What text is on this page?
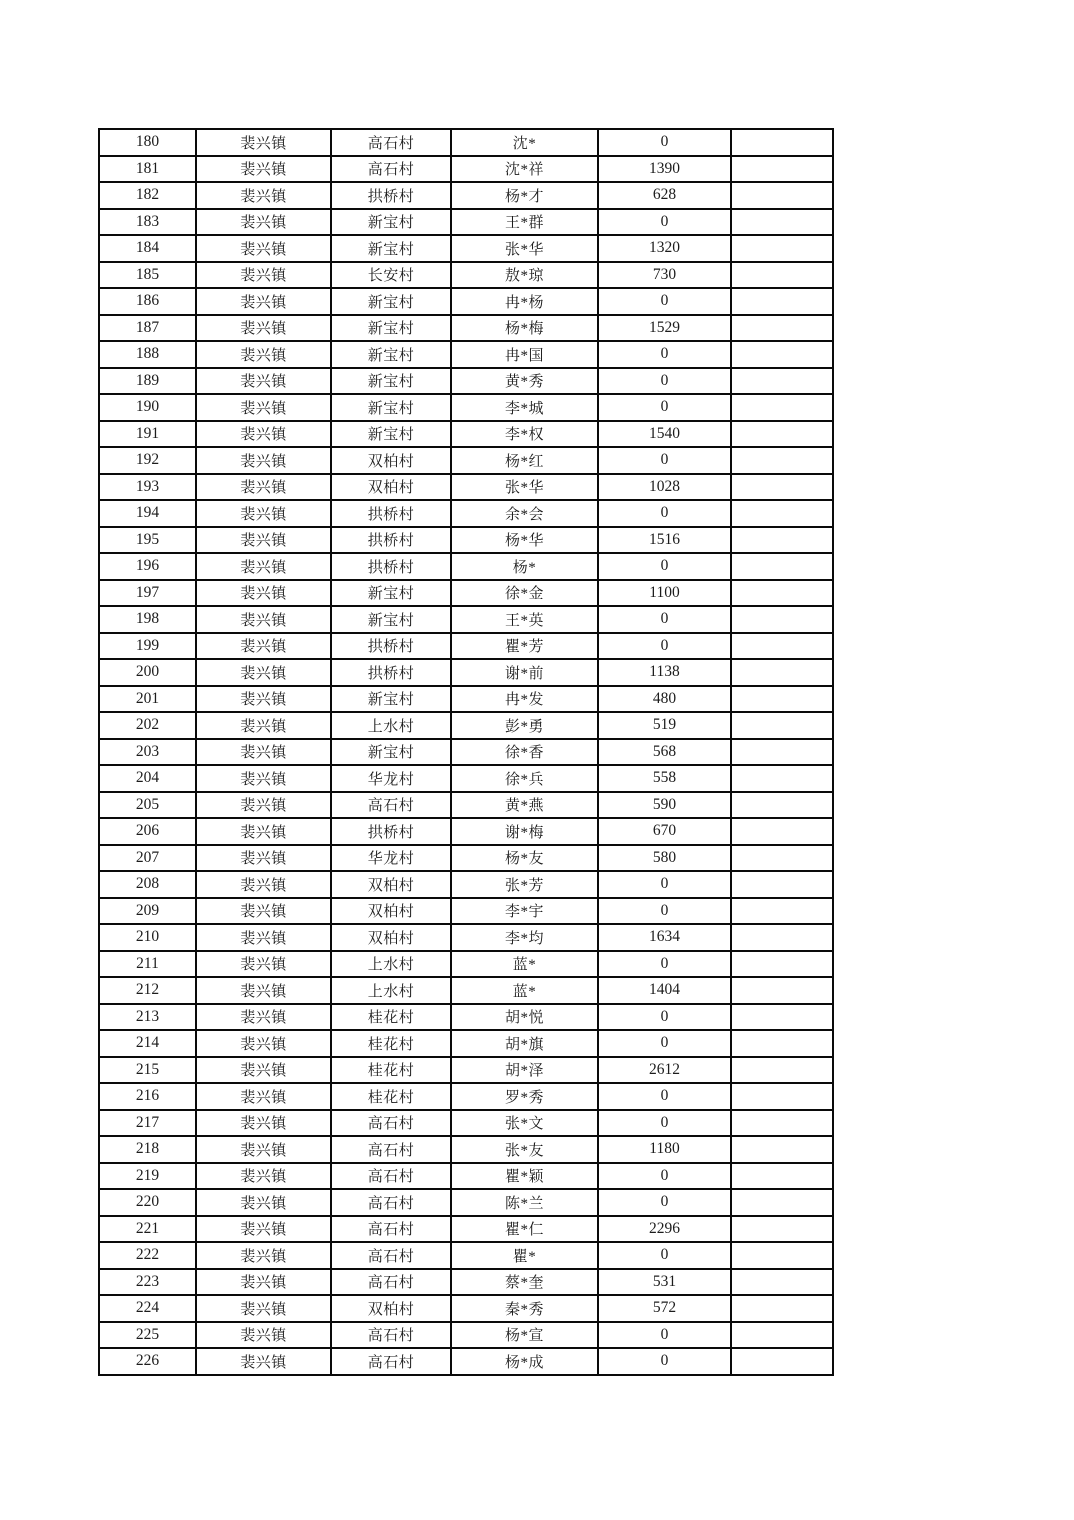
180	裴兴镇	高石村	沈*	0	
181	裴兴镇	高石村	沈*祥	1390	
182	裴兴镇	拱桥村	杨*才	628	
183	裴兴镇	新宝村	王*群	0	
184	裴兴镇	新宝村	张*华	1320	
185	裴兴镇	长安村	敖*琼	730	
186	裴兴镇	新宝村	冉*杨	0	
187	裴兴镇	新宝村	杨*梅	1529	
188	裴兴镇	新宝村	冉*国	0	
189	裴兴镇	新宝村	黄*秀	0	
190	裴兴镇	新宝村	李*城	0	
191	裴兴镇	新宝村	李*权	1540	
192	裴兴镇	双柏村	杨*红	0	
193	裴兴镇	双柏村	张*华	1028	
194	裴兴镇	拱桥村	余*会	0	
195	裴兴镇	拱桥村	杨*华	1516	
196	裴兴镇	拱桥村	杨*	0	
197	裴兴镇	新宝村	徐*金	1100	
198	裴兴镇	新宝村	王*英	0	
199	裴兴镇	拱桥村	瞿*芳	0	
200	裴兴镇	拱桥村	谢*前	1138	
201	裴兴镇	新宝村	冉*发	480	
202	裴兴镇	上水村	彭*勇	519	
203	裴兴镇	新宝村	徐*香	568	
204	裴兴镇	华龙村	徐*兵	558	
205	裴兴镇	高石村	黄*燕	590	
206	裴兴镇	拱桥村	谢*梅	670	
207	裴兴镇	华龙村	杨*友	580	
208	裴兴镇	双柏村	张*芳	0	
209	裴兴镇	双柏村	李*宇	0	
210	裴兴镇	双柏村	李*均	1634	
211	裴兴镇	上水村	蓝*	0	
212	裴兴镇	上水村	蓝*	1404	
213	裴兴镇	桂花村	胡*悦	0	
214	裴兴镇	桂花村	胡*旗	0	
215	裴兴镇	桂花村	胡*泽	2612	
216	裴兴镇	桂花村	罗*秀	0	
217	裴兴镇	高石村	张*文	0	
218	裴兴镇	高石村	张*友	1180	
219	裴兴镇	高石村	瞿*颖	0	
220	裴兴镇	高石村	陈*兰	0	
221	裴兴镇	高石村	瞿*仁	2296	
222	裴兴镇	高石村	瞿*	0	
223	裴兴镇	高石村	蔡*奎	531	
224	裴兴镇	双柏村	秦*秀	572	
225	裴兴镇	高石村	杨*宣	0	
226	裴兴镇	高石村	杨*成	0	
